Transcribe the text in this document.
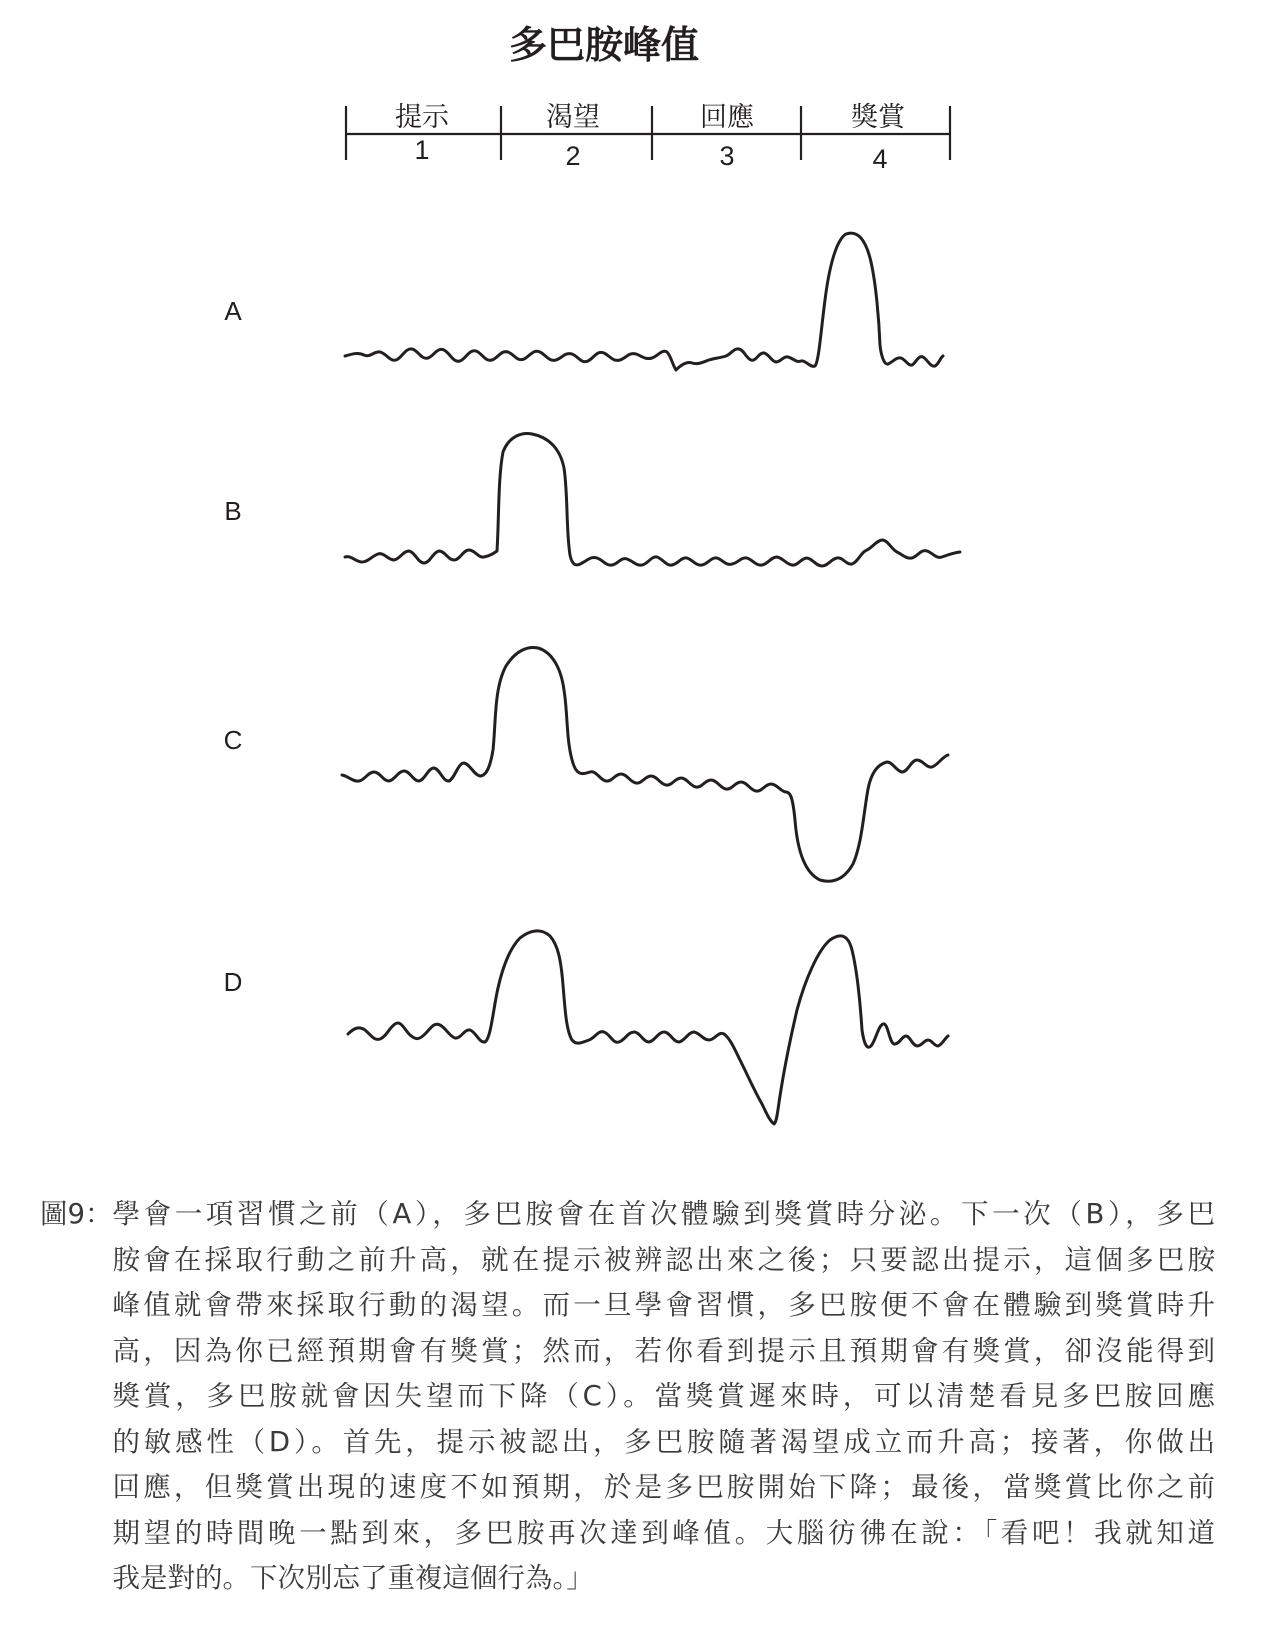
多巴胺峰值
提示	渴望	回應	獎賞
1	2	3	4
A
B
C
D
圖9： 學會一項習慣之前（A），多巴胺會在首次體驗到獎賞時分泌。下一次（B），多巴
胺會在採取行動之前升高，就在提示被辨認出來之後；只要認出提示，這個多巴胺
峰值就會帶來採取行動的渴望。而一旦學會習慣，多巴胺便不會在體驗到獎賞時升
高，因為你已經預期會有獎賞；然而，若你看到提示且預期會有獎賞，卻沒能得到
獎賞，多巴胺就會因失望而下降（C）。當獎賞遲來時，可以清楚看見多巴胺回應
的敏感性（D）。首先，提示被認出，多巴胺隨著渴望成立而升高；接著，你做出
回應，但獎賞出現的速度不如預期，於是多巴胺開始下降；最後，當獎賞比你之前
期望的時間晚一點到來，多巴胺再次達到峰值。大腦彷彿在說：「看吧！我就知道
我是對的。下次別忘了重複這個行為。」
